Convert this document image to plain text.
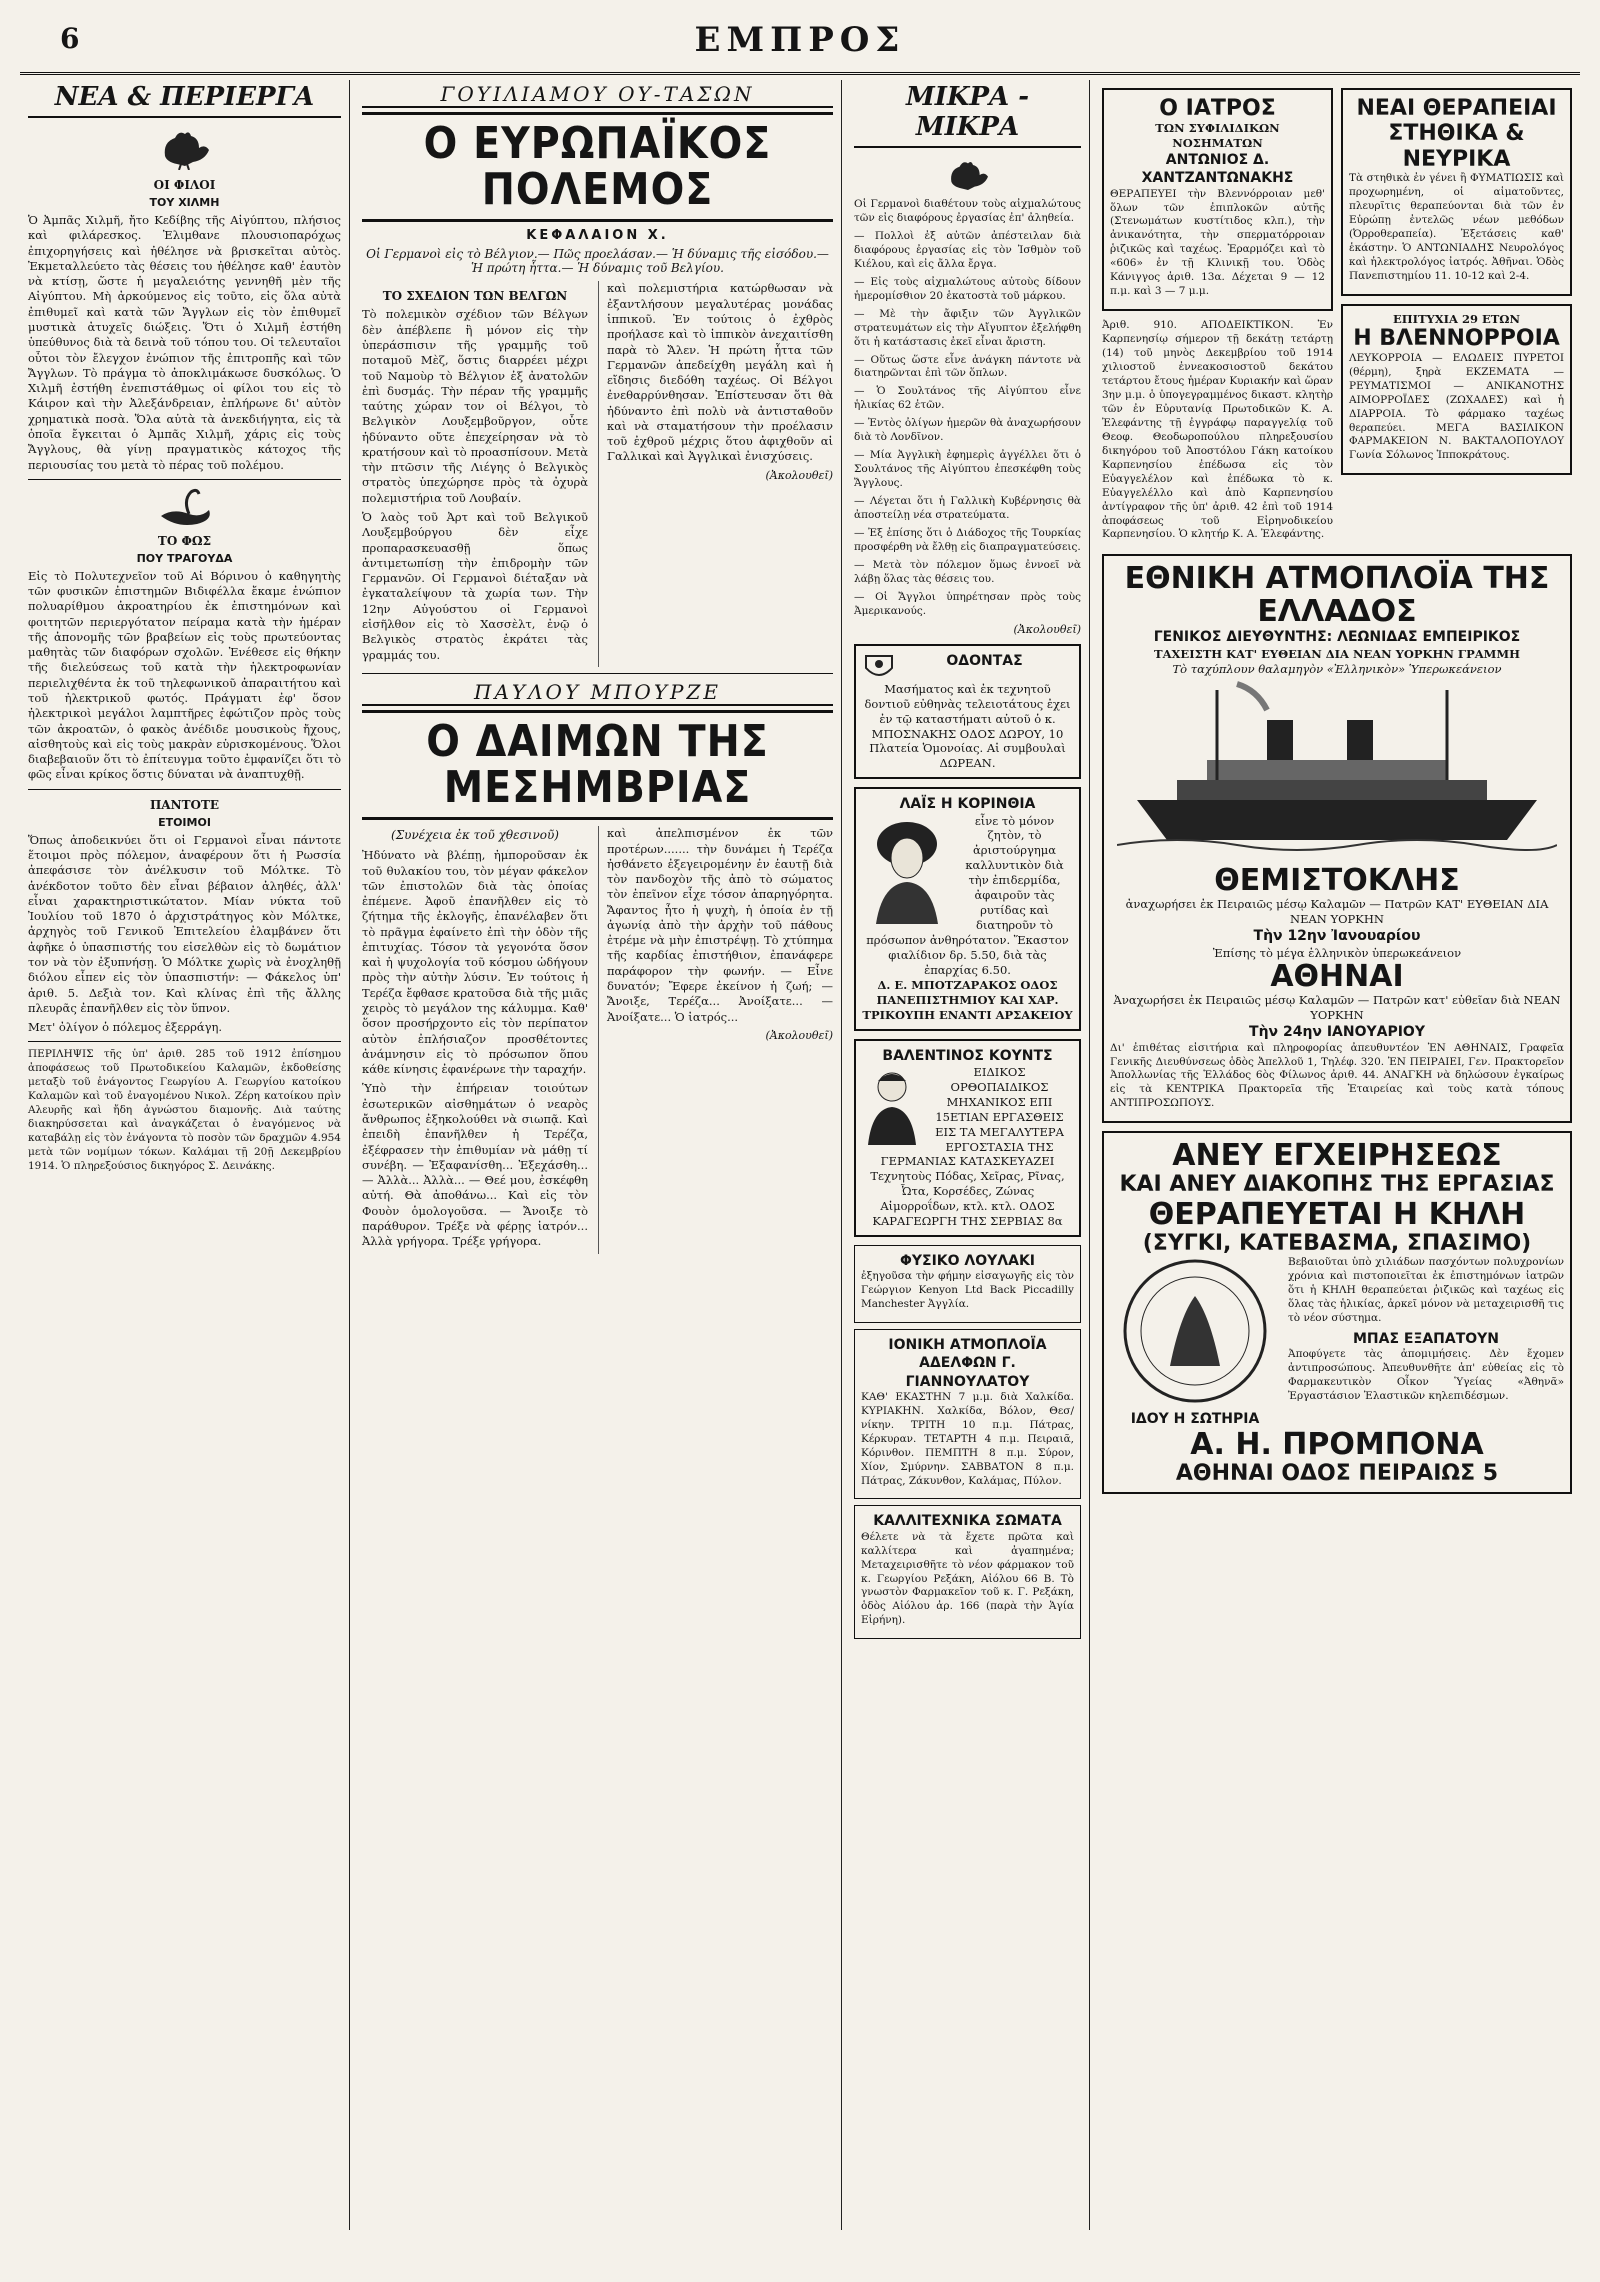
6	ΕΜΠΡΟΣ
ΝΕΑ & ΠΕΡΙΕΡΓΑ
ΟΙ ΦΙΛΟΙ
ΤΟΥ ΧΙΛΜΗ

Ὁ Ἀμπᾶς Χιλμῆ, ἤτο Κεδίβης τῆς Αἰγύπτου, πλήσιος καὶ φιλάρεσκος. Ἐλιμθανε πλουσιοπαρόχως ἐπιχορηγήσεις καὶ ἠθέλησε νὰ βρισκεῖται αὐτὸς. Ἐκμεταλλεύετο τὰς θέσεις του ἠθέλησε καθ' ἑαυτὸν νὰ κτίσῃ, ὥστε ἡ μεγαλειότης γεννηθῆ μὲν τῆς Αἰγύπτου. Μὴ ἀρκούμενος εἰς τοῦτο, εἰς ὅλα αὐτὰ ἐπιθυμεῖ καὶ κατὰ τῶν Ἄγγλων εἰς τὸν ἐπιθυμεῖ μυστικὰ ἀτυχεῖς διώξεις. Ὅτι ὁ Χιλμῆ ἐστήθη ὑπεύθυνος διὰ τὰ δεινὰ τοῦ τόπου του. Οἱ τελευταῖοι οὗτοι τὸν ἔλεγχον ἐνώπιον τῆς ἐπιτροπῆς καὶ τῶν Ἄγγλων. Τὸ πράγμα τὸ ἀποκλιμάκωσε δυσκόλως. Ὁ Χιλμῆ ἐστήθη ἐνεπιστάθμως οἱ φίλοι του εἰς τὸ Κάιρον καὶ τὴν Ἀλεξάνδρειαν, ἐπλήρωνε δι' αὐτὸν χρηματικὰ ποσὰ. Ὅλα αὐτὰ τὰ ἀνεκδιήγητα, εἰς τὰ ὁποῖα ἔγκειται ὁ Ἀμπᾶς Χιλμῆ, χάρις εἰς τοὺς Ἄγγλους, θὰ γίνῃ πραγματικὸς κάτοχος τῆς περιουσίας του μετὰ τὸ πέρας τοῦ πολέμου.

ΤΟ ΦΩΣ
ΠΟΥ ΤΡΑΓΟΥΔΑ

Εἰς τὸ Πολυτεχνεῖον τοῦ Αἰ Βόρινου ὁ καθηγητὴς τῶν φυσικῶν ἐπιστημῶν Βιδιφέλλα ἔκαμε ἐνώπιον πολυαρίθμου ἀκροατηρίου ἐκ ἐπιστημόνων καὶ φοιτητῶν περιεργότατον πείραμα κατὰ τὴν ἡμέραν τῆς ἀπονομῆς τῶν βραβείων εἰς τοὺς πρωτεύοντας μαθητὰς τῶν διαφόρων σχολῶν. Ἐνέθεσε εἰς θήκην τῆς διελεύσεως τοῦ κατὰ τὴν ἡλεκτροφωνίαν περιελιχθέντα ἐκ τοῦ τηλεφωνικοῦ ἀπαραιτήτου καὶ τοῦ ἠλεκτρικοῦ φωτός. Πράγματι ἐφ' ὅσον ἠλεκτρικοὶ μεγάλοι λαμπτῆρες ἐφώτιζον πρὸς τοὺς τῶν ἀκροατῶν, ὁ φακὸς ἀνέδιδε μουσικοὺς ἤχους, αἰσθητοὺς καὶ εἰς τοὺς μακρὰν εὑρισκομένους. Ὅλοι διαβεβαιοῦν ὅτι τὸ ἐπίτευγμα τοῦτο ἐμφανίζει ὅτι τὸ φῶς εἶναι κρίκος ὅστις δύναται νὰ ἀναπτυχθῇ.

ΠΑΝΤΟΤΕ
ΕΤΟΙΜΟΙ

Ὅπως ἀποδεικνύει ὅτι οἱ Γερμανοὶ εἶναι πάντοτε ἕτοιμοι πρὸς πόλεμον, ἀναφέρουν ὅτι ἡ Ρωσσία ἀπεφάσισε τὸν ἀνέλκυσιν τοῦ Μόλτκε. Τὸ ἀνέκδοτον τοῦτο δὲν εἶναι βέβαιον ἀληθές, ἀλλ' εἶναι χαρακτηριστικώτατον. Μίαν νύκτα τοῦ Ἰουλίου τοῦ 1870 ὁ ἀρχιστράτηγος κὸν Μόλτκε, ἀρχηγὸς τοῦ Γενικοῦ Ἐπιτελείου ἐλαμβάνεν ὅτι ἀφῆκε ὁ ὑπασπιστής του εἰσελθὼν εἰς τὸ δωμάτιον τον νὰ τὸν ἐξυπνήσῃ. Ὁ Μόλτκε χωρὶς νὰ ἐνοχληθῇ διόλου εἶπεν εἰς τὸν ὑπασπιστήν: — Φάκελος ὑπ' ἀριθ. 5. Δεξιὰ τον. Καὶ κλίνας ἐπὶ τῆς ἄλλης πλευρᾶς ἐπανῆλθεν εἰς τὸν ὕπνον.

Μετ' ὀλίγον ὁ πόλεμος ἐξερράγη.

ΠΕΡΙΛΗΨΙΣ τῆς ὑπ' ἀριθ. 285 τοῦ 1912 ἐπίσημου ἀποφάσεως τοῦ Πρωτοδικείου Καλαμῶν, ἐκδοθείσης μεταξὺ τοῦ ἐνάγοντος Γεωργίου Α. Γεωργίου κατοίκου Καλαμῶν καὶ τοῦ ἐναγομένου Νικολ. Ζέρη κατοίκου πρὶν Αλευρῆς καὶ ἤδη ἀγνώστου διαμονῆς. Διὰ ταύτης διακηρύσσεται καὶ ἀναγκάζεται ὁ ἐναγόμενος νὰ καταβάλῃ εἰς τὸν ἐνάγοντα τὸ ποσὸν τῶν δραχμῶν 4.954 μετὰ τῶν νομίμων τόκων. Καλάμαι τῇ 20ῇ Δεκεμβρίου 1914. Ὁ πληρεξούσιος δικηγόρος Σ. Δεινάκης.

ΓΟΥΙΛΙΑΜΟΥ ΟΥ-ΤΑΣΩΝ
Ο ΕΥΡΩΠΑΪΚΟΣ ΠΟΛΕΜΟΣ
ΚΕΦΑΛΑΙΟΝ X.
Οἱ Γερμανοὶ εἰς τὸ Βέλγιον.— Πῶς προελάσαν.— Ἡ δύναμις τῆς εἰσόδου.— Ἡ πρώτη ἧττα.— Ἡ δύναμις τοῦ Βελγίου.
ΤΟ ΣΧΕΔΙΟΝ ΤΩΝ ΒΕΛΓΩΝ

Τὸ πολεμικὸν σχέδιον τῶν Βέλγων δὲν ἀπέβλεπε ἢ μόνον εἰς τὴν ὑπεράσπισιν τῆς γραμμῆς τοῦ ποταμοῦ Μὲζ, ὅστις διαρρέει μέχρι τοῦ Ναμοὺρ τὸ Βέλγιον ἐξ ἀνατολῶν ἐπὶ δυσμάς. Τὴν πέραν τῆς γραμμῆς ταύτης χώραν τον οἱ Βέλγοι, τὸ Βελγικὸν Λουξεμβοῦργον, οὗτε ἠδύναντο οὔτε ἐπεχείρησαν νὰ τὸ κρατήσουν καὶ τὸ προασπίσουν. Μετὰ τὴν πτῶσιν τῆς Λιέγης ὁ Βελγικὸς στρατὸς ὑπεχώρησε πρὸς τὰ ὀχυρὰ πολεμιστήρια τοῦ Λουβαίν.

Ὁ λαὸς τοῦ Ἀρτ καὶ τοῦ Βελγικοῦ Λουξεμβούργου δὲν εἶχε προπαρασκευασθῇ ὅπως ἀντιμετωπίσῃ τὴν ἐπιδρομὴν τῶν Γερμανῶν. Οἱ Γερμανοὶ διέταξαν νὰ ἐγκαταλείψουν τὰ χωρία των. Τὴν 12ην Αὐγούστου οἱ Γερμανοὶ εἰσῆλθον εἰς τὸ Χασσὲλτ, ἐνῷ ὁ Βελγικὸς στρατὸς ἐκράτει τὰς γραμμάς του.

καὶ πολεμιστήρια κατώρθωσαν νὰ ἐξαντλήσουν μεγαλυτέρας μονάδας ἱππικοῦ. Ἐν τούτοις ὁ ἐχθρὸς προήλασε καὶ τὸ ἱππικὸν ἀνεχαιτίσθη παρὰ τὸ Ἄλεν. Ἡ πρώτη ἧττα τῶν Γερμανῶν ἀπεδείχθη μεγάλη καὶ ἡ εἴδησις διεδόθη ταχέως. Οἱ Βέλγοι ἐνεθαρρύνθησαν. Ἐπίστευσαν ὅτι θὰ ἠδύναντο ἐπὶ πολὺ νὰ ἀντισταθοῦν καὶ νὰ σταματήσουν τὴν προέλασιν τοῦ ἐχθροῦ μέχρις ὅτου ἀφιχθοῦν αἱ Γαλλικαὶ καὶ Ἀγγλικαὶ ἐνισχύσεις.

(Ἀκολουθεῖ)
ΠΑΥΛΟΥ ΜΠΟΥΡΖΕ
Ο ΔΑΙΜΩΝ ΤΗΣ ΜΕΣΗΜΒΡΙΑΣ
(Συνέχεια ἐκ τοῦ χθεσινοῦ)

Ἠδύνατο νὰ βλέπῃ, ἠμποροῦσαν ἐκ τοῦ θυλακίου του, τὸν μέγαν φάκελον τῶν ἐπιστολῶν διὰ τὰς ὁποίας ἐπέμενε. Ἀφοῦ ἐπανῆλθεν εἰς τὸ ζήτημα τῆς ἐκλογῆς, ἐπανέλαβεν ὅτι τὸ πρᾶγμα ἐφαίνετο ἐπὶ τὴν ὁδὸν τῆς ἐπιτυχίας. Τόσον τὰ γεγονότα ὅσον καὶ ἡ ψυχολογία τοῦ κόσμου ὡδήγουν πρὸς τὴν αὐτὴν λύσιν. Ἐν τούτοις ἡ Τερέζα ἔφθασε κρατοῦσα διὰ τῆς μιᾶς χειρὸς τὸ μεγάλον της κάλυμμα. Καθ' ὅσον προσήρχοντο εἰς τὸν περίπατον αὐτὸν ἐπλήσιαζον προσθέτοντες ἀνάμνησιν εἰς τὸ πρόσωπον ὅπου κάθε κίνησις ἐφανέρωνε τὴν ταραχήν.

Ὑπὸ τὴν ἐπήρειαν τοιούτων ἐσωτερικῶν αἰσθημάτων ὁ νεαρὸς ἄνθρωπος ἐξηκολούθει νὰ σιωπᾷ. Καὶ ἐπειδὴ ἐπανῆλθεν ἡ Τερέζα, ἐξέφρασεν τὴν ἐπιθυμίαν νὰ μάθῃ τί συνέβη. — Ἐξαφανίσθη... Ἐξεχάσθη... — Ἀλλὰ... Ἀλλὰ... — Θεέ μου, ἐσκέφθη αὐτή. Θὰ ἀποθάνω... Καὶ εἰς τὸν Φουὸν ὁμολογοῦσα. — Ἄνοιξε τὸ παράθυρον. Τρέξε νὰ φέρῃς ἰατρόν... Ἀλλὰ γρήγορα. Τρέξε γρήγορα.

καὶ ἀπελπισμένον ἐκ τῶν προτέρων....... τὴν δυνάμει ἡ Τερέζα ἠσθάνετο ἐξεγειρομένην ἐν ἑαυτῇ διὰ τὸν πανδοχὸν τῆς ἀπὸ τὸ σώματος τὸν ἐπεῖνον εἶχε τόσον ἀπαρηγόρητα. Ἄφαντος ἦτο ἡ ψυχὴ, ἡ ὁποία ἐν τῇ ἀγωνίᾳ ἀπὸ τὴν ἀρχὴν τοῦ πάθους ἐτρέμε νὰ μὴν ἐπιστρέψῃ. Τὸ χτύπημα τῆς καρδίας ἐπιστήθιον, ἐπανάφερε παράφορον τὴν φωνήν. — Εἶνε δυνατόν; Ἔφερε ἐκείνον ἡ ζωή; — Ἄνοιξε, Τερέζα... Ἀνοίξατε... — Ἀνοίξατε... Ὁ ἰατρός...

(Ἀκολουθεῖ)
ΜΙΚΡΑ - ΜΙΚΡΑ

Οἱ Γερμανοὶ διαθέτουν τοὺς αἰχμαλώτους τῶν εἰς διαφόρους ἐργασίας ἐπ' ἀληθεία.

— Πολλοὶ ἐξ αὐτῶν ἀπέστειλαν διὰ διαφόρους ἐργασίας εἰς τὸν Ἰσθμὸν τοῦ Κιέλου, καὶ εἰς ἄλλα ἔργα.

— Εἰς τοὺς αἰχμαλώτους αὐτοὺς δίδουν ἡμερομίσθιον 20 ἑκατοστὰ τοῦ μάρκου.

— Μὲ τὴν ἄφιξιν τῶν Ἀγγλικῶν στρατευμάτων εἰς τὴν Αἴγυπτον ἐξελήφθη ὅτι ἡ κατάστασις ἐκεῖ εἶναι ἄριστη.

— Οὕτως ὥστε εἶνε ἀνάγκη πάντοτε νὰ διατηρῶνται ἐπὶ τῶν ὅπλων.

— Ὁ Σουλτάνος τῆς Αἰγύπτου εἶνε ἡλικίας 62 ἐτῶν.

— Ἐντὸς ὀλίγων ἡμερῶν θὰ ἀναχωρήσουν διὰ τὸ Λονδῖνον.

— Μία Ἀγγλικὴ ἐφημερὶς ἀγγέλλει ὅτι ὁ Σουλτάνος τῆς Αἰγύπτου ἐπεσκέφθη τοὺς Ἄγγλους.

— Λέγεται ὅτι ἡ Γαλλικὴ Κυβέρνησις θὰ ἀποστείλῃ νέα στρατεύματα.

— Ἐξ ἐπίσης ὅτι ὁ Διάδοχος τῆς Τουρκίας προσφέρθη νὰ ἔλθῃ εἰς διαπραγματεύσεις.

— Μετὰ τὸν πόλεμον ὅμως ἐννοεῖ νὰ λάβῃ ὅλας τὰς θέσεις του.

— Οἱ Ἄγγλοι ὑπηρέτησαν πρὸς τοὺς Ἀμερικανούς.

(Ἀκολουθεῖ)
ΟΔΟΝΤΑΣ
Μασήματος καὶ ἐκ τεχνητοῦ δοντιοῦ εὐθηνὰς τελειοτάτους ἐχει ἐν τῷ καταστήματι αὐτοῦ ὁ κ. ΜΠΟΣΝΑΚΗΣ ΟΔΟΣ ΔΩΡΟΥ, 10 Πλατεία Ὁμονοίας. Αἱ συμβουλαὶ ΔΩΡΕΑΝ.
ΛΑΪΣ Η ΚΟΡΙΝΘΙΑ
εἶνε τὸ μόνον ζητὸν, τὸ ἀριστούργημα καλλυντικὸν διὰ τὴν ἐπιδερμίδα, ἀφαιροῦν τὰς ρυτίδας καὶ διατηροῦν τὸ πρόσωπον ἀνθηρότατον. Ἕκαστον φιαλίδιον δρ. 5.50, διὰ τὰς ἐπαρχίας 6.50.
Δ. Ε. ΜΠΟΤΖΑΡΑΚΟΣ ΟΔΟΣ ΠΑΝΕΠΙΣΤΗΜΙΟΥ ΚΑΙ ΧΑΡ. ΤΡΙΚΟΥΠΗ ΕΝΑΝΤΙ ΑΡΣΑΚΕΙΟΥ
ΒΑΛΕΝΤΙΝΟΣ ΚΟΥΝΤΣ
ΕΙΔΙΚΟΣ ΟΡΘΟΠΑΙΔΙΚΟΣ ΜΗΧΑΝΙΚΟΣ ΕΠΙ 15ΕΤΙΑΝ ΕΡΓΑΣΘΕΙΣ ΕΙΣ ΤΑ ΜΕΓΑΛΥΤΕΡΑ ΕΡΓΟΣΤΑΣΙΑ ΤΗΣ ΓΕΡΜΑΝΙΑΣ ΚΑΤΑΣΚΕΥΑΖΕΙ Τεχνητοὺς Πόδας, Χεῖρας, Ρῖνας, Ὦτα, Κορσέδες, Ζώνας Αἰμορροΐδων, κτλ. κτλ. ΟΔΟΣ ΚΑΡΑΓΕΩΡΓΗ ΤΗΣ ΣΕΡΒΙΑΣ 8α
ΦΥΣΙΚΟ ΛΟΥΛΑΚΙ
ἐξηγοῦσα τὴν φήμην εἰσαγωγῆς εἰς τὸν Γεώργιον Kenyon Ltd Back Piccadilly Manchester Ἀγγλία.
ΙΟΝΙΚΗ ΑΤΜΟΠΛΟΪΑ ΑΔΕΛΦΩΝ Γ. ΓΙΑΝΝΟΥΛΑΤΟΥ
ΚΑΘ' ΕΚΑΣΤΗΝ 7 μ.μ. διὰ Χαλκίδα. ΚΥΡΙΑΚΗΝ. Χαλκίδα, Βόλον, Θεσ/νίκην. ΤΡΙΤΗ 10 π.μ. Πάτρας, Κέρκυραν. ΤΕΤΑΡΤΗ 4 π.μ. Πειραιᾶ, Κόρινθον. ΠΕΜΠΤΗ 8 π.μ. Σύρον, Χίον, Σμύρνην. ΣΑΒΒΑΤΟΝ 8 π.μ. Πάτρας, Ζάκυνθον, Καλάμας, Πύλον.
ΚΑΛΛΙΤΕΧΝΙΚΑ ΣΩΜΑΤΑ
Θέλετε νὰ τὰ ἔχετε πρῶτα καὶ καλλίτερα καὶ ἀγαπημένα; Μεταχειρισθῆτε τὸ νέον φάρμακον τοῦ κ. Γεωργίου Ρεξάκη, Αἰόλου 66 Β. Τὸ γνωστὸν Φαρμακεῖον τοῦ κ. Γ. Ρεξάκη, ὁδὸς Αἰόλου ἀρ. 166 (παρὰ τὴν Ἁγία Εἰρήνη).
Ο ΙΑΤΡΟΣ
ΤΩΝ ΣΥΦΙΛΙΔΙΚΩΝ ΝΟΣΗΜΑΤΩΝ
ΑΝΤΩΝΙΟΣ Δ. ΧΑΝΤΖΑΝΤΩΝΑΚΗΣ
ΘΕΡΑΠΕΥΕΙ τὴν Βλεννόρροιαν μεθ' ὅλων τῶν ἐπιπλοκῶν αὐτῆς (Στενωμάτων κυστίτιδος κλπ.), τὴν ἀνικανότητα, τὴν σπερματόρροιαν ῥιζικῶς καὶ ταχέως. Ἐραρμόζει καὶ τὸ «606» ἐν τῇ Κλινικῇ του. Ὁδὸς Κάνιγγος ἀριθ. 13α. Δέχεται 9 — 12 π.μ. καὶ 3 — 7 μ.μ.

Ἀριθ. 910. ΑΠΟΔΕΙΚΤΙΚΟΝ. Ἐν Καρπενησίῳ σήμερον τῇ δεκάτῃ τετάρτῃ (14) τοῦ μηνὸς Δεκεμβρίου τοῦ 1914 χιλιοστοῦ ἐννεακοσιοστοῦ δεκάτου τετάρτου ἔτους ἡμέραν Κυριακήν καὶ ὥραν 3ην μ.μ. ὁ ὑπογεγραμμένος δικαστ. κλητὴρ τῶν ἐν Εὐρυτανίᾳ Πρωτοδικῶν Κ. Α. Ἐλεφάντης τῇ ἐγγράφῳ παραγγελίᾳ τοῦ Θεοφ. Θεοδωροπούλου πληρεξουσίου δικηγόρου τοῦ Ἀποστόλου Γάκη κατοίκου Καρπενησίου ἐπέδωσα εἰς τὸν Εὐαγγελέλον καὶ ἐπέδωκα τὸ κ. Εὐαγγελέλλο καὶ ἀπὸ Καρπενησίου ἀντίγραφον τῆς ὑπ' ἀριθ. 42 ἐπὶ τοῦ 1914 ἀποφάσεως τοῦ Εἰρηνοδικείου Καρπενησίου. Ὁ κλητήρ Κ. Α. Ἐλεφάντης.

ΝΕΑΙ ΘΕΡΑΠΕΙΑΙ ΣΤΗΘΙΚΑ & ΝΕΥΡΙΚΑ
Τὰ στηθικὰ ἐν γένει ἢ ΦΥΜΑΤΙΩΣΙΣ καὶ προχωρημένη, οἱ αἱματοῦντες, πλευρῖτις θεραπεύονται διὰ τῶν ἐν Εὐρώπῃ ἐντελῶς νέων μεθόδων (Ὀρροθεραπεία). Ἐξετάσεις καθ' ἑκάστην. Ὁ ΑΝΤΩΝΙΑΔΗΣ Νευρολόγος καὶ ἠλεκτρολόγος ἰατρός. Ἀθῆναι. Ὁδὸς Πανεπιστημίου 11. 10-12 καὶ 2-4.
ΕΠΙΤΥΧΙΑ 29 ΕΤΩΝ
Η ΒΛΕΝΝΟΡΡΟΙΑ
ΛΕΥΚΟΡΡΟΙΑ — ΕΛΩΔΕΙΣ ΠΥΡΕΤΟΙ (θέρμη), ξηρὰ ΕΚΖΕΜΑΤΑ — ΡΕΥΜΑΤΙΣΜΟΙ — ΑΝΙΚΑΝΟΤΗΣ ΑΙΜΟΡΡΟΪΔΕΣ (ΖΩΧΑΔΕΣ) καὶ ἡ ΔΙΑΡΡΟΙΑ. Τὸ φάρμακο ταχέως θεραπεύει. ΜΕΓΑ ΒΑΣΙΛΙΚΟΝ ΦΑΡΜΑΚΕΙΟΝ Ν. ΒΑΚΤΑΛΟΠΟΥΛΟΥ Γωνία Σόλωνος Ἱπποκράτους.
ΕΘΝΙΚΗ ΑΤΜΟΠΛΟΪΑ ΤΗΣ ΕΛΛΑΔΟΣ
ΓΕΝΙΚΟΣ ΔΙΕΥΘΥΝΤΗΣ: ΛΕΩΝΙΔΑΣ ΕΜΠΕΙΡΙΚΟΣ
ΤΑΧΕΙΣΤΗ ΚΑΤ' ΕΥΘΕΙΑΝ ΔΙΑ ΝΕΑΝ ΥΟΡΚΗΝ ΓΡΑΜΜΗ
Τὸ ταχύπλουν θαλαμηγὸν «Ἐλληνικὸν» Ὑπερωκεάνειον
ΘΕΜΙΣΤΟΚΛΗΣ
ἀναχωρήσει ἐκ Πειραιῶς μέσῳ Καλαμῶν — Πατρῶν ΚΑΤ' ΕΥΘΕΙΑΝ ΔΙΑ ΝΕΑΝ ΥΟΡΚΗΝ
Τὴν 12ην Ἰανουαρίου
Ἐπίσης τὸ μέγα ἑλληνικὸν ὑπερωκεάνειον
ΑΘΗΝΑΙ
Ἀναχωρήσει ἐκ Πειραιῶς μέσῳ Καλαμῶν — Πατρῶν κατ' εὐθεῖαν διὰ ΝΕΑΝ ΥΟΡΚΗΝ
Τὴν 24ην ΙΑΝΟΥΑΡΙΟΥ
Δι' ἐπιθέτας εἰσιτήρια καὶ πληροφορίας ἀπευθυντέον ἘΝ ΑΘΗΝΑΙΣ, Γραφεῖα Γενικῆς Διευθύνσεως ὁδὸς Ἀπελλοῦ 1, Τηλέφ. 320. ἘΝ ΠΕΙΡΑΙΕΙ, Γεν. Πρακτορεῖον Ἀπολλωνίας τῆς Ἑλλάδος 6ὸς Φίλωνος ἀριθ. 44. ΑΝΑΓΚΗ νὰ δηλώσουν ἐγκαίρως εἰς τὰ ΚΕΝΤΡΙΚΑ Πρακτορεῖα τῆς Ἑταιρείας καὶ τοὺς κατὰ τόπους ΑΝΤΙΠΡΟΣΩΠΟΥΣ.
ΑΝΕΥ ΕΓΧΕΙΡΗΣΕΩΣ
ΚΑΙ ΑΝΕΥ ΔΙΑΚΟΠΗΣ ΤΗΣ ΕΡΓΑΣΙΑΣ
ΘΕΡΑΠΕΥΕΤΑΙ Η ΚΗΛΗ
(ΣΥΓΚΙ, ΚΑΤΕΒΑΣΜΑ, ΣΠΑΣΙΜΟ)
ΙΔΟΥ Η ΣΩΤΗΡΙΑ
Βεβαιοῦται ὑπὸ χιλιάδων πασχόντων πολυχρονίων χρόνια καὶ πιστοποιεῖται ἐκ ἐπιστημόνων ἰατρῶν ὅτι ἡ ΚΗΛΗ θεραπεύεται ῥιζικῶς καὶ ταχέως εἰς ὅλας τὰς ἡλικίας, ἀρκεῖ μόνον νὰ μεταχειρισθῆ τις τὸ νέον σύστημα.
ΜΠΑΣ ΕΞΑΠΑΤΟΥΝ
Ἀποφύγετε τὰς ἀπομιμήσεις. Δὲν ἔχομεν ἀντιπροσώπους. Ἀπευθυνθῆτε ἀπ' εὐθείας εἰς τὸ Φαρμακευτικὸν Οἶκον Ὑγείας «Ἀθηνᾶ» Ἐργαστάσιον Ἐλαστικῶν κηλεπιδέσμων.
Α. Η. ΠΡΟΜΠΟΝΑ
ΑΘΗΝΑΙ ΟΔΟΣ ΠΕΙΡΑΙΩΣ 5
